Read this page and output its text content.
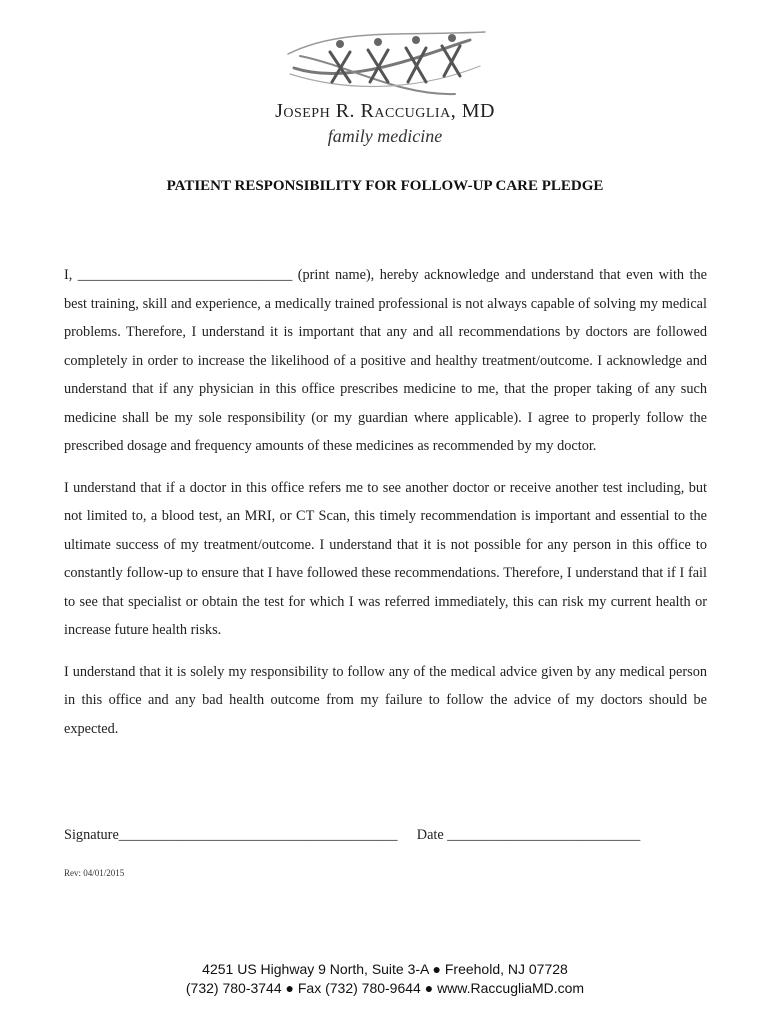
Joseph R. Raccuglia, MD
family medicine
PATIENT RESPONSIBILITY FOR FOLLOW-UP CARE PLEDGE

I, ______________________________ (print name), hereby acknowledge and understand that even with the best training, skill and experience, a medically trained professional is not always capable of solving my medical problems. Therefore, I understand it is important that any and all recommendations by doctors are followed completely in order to increase the likelihood of a positive and healthy treatment/outcome. I acknowledge and understand that if any physician in this office prescribes medicine to me, that the proper taking of any such medicine shall be my sole responsibility (or my guardian where applicable). I agree to properly follow the prescribed dosage and frequency amounts of these medicines as recommended by my doctor.

I understand that if a doctor in this office refers me to see another doctor or receive another test including, but not limited to, a blood test, an MRI, or CT Scan, this timely recommendation is important and essential to the ultimate success of my treatment/outcome. I understand that it is not possible for any person in this office to constantly follow-up to ensure that I have followed these recommendations. Therefore, I understand that if I fail to see that specialist or obtain the test for which I was referred immediately, this can risk my current health or increase future health risks.

I understand that it is solely my responsibility to follow any of the medical advice given by any medical person in this office and any bad health outcome from my failure to follow the advice of my doctors should be expected.

Signature_______________________________________ Date ___________________________
Rev: 04/01/2015
4251 US Highway 9 North, Suite 3-A ● Freehold, NJ 07728
(732) 780-3744 ● Fax (732) 780-9644 ● www.RaccugliaMD.com
